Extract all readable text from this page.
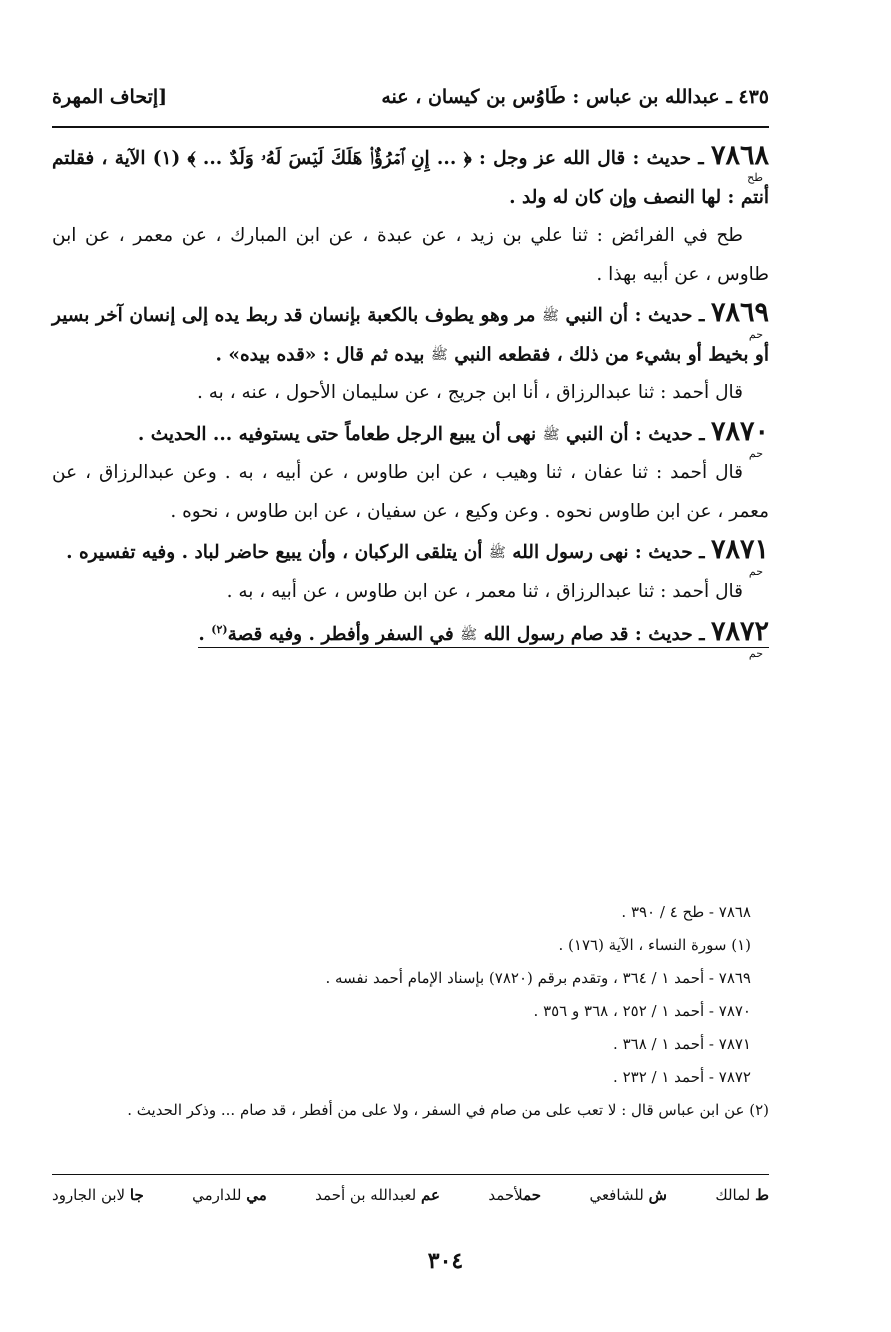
٤٣٥ ـ عبدالله بن عباس : طَاوُس بن كيسان ، عنه
[إتحاف المهرة
٧٨٦٨
طح
ـ حديث : قال الله عز وجل : ﴿ ... إِنِ ٱمۡرُؤٌا۟ هَلَكَ لَيۡسَ لَهُۥ وَلَدٌ ... ﴾ (١) الآية ، فقلتم أنتم : لها النصف وإن كان له ولد .

طح في الفرائض : ثنا علي بن زيد ، عن عبدة ، عن ابن المبارك ، عن معمر ، عن ابن طاوس ، عن أبيه بهذا .

٧٨٦٩
حم
ـ حديث : أن النبي ﷺ مر وهو يطوف بالكعبة بإنسان قد ربط يده إلى إنسان آخر بسير أو بخيط أو بشيء من ذلك ، فقطعه النبي ﷺ بيده ثم قال : «قده بيده» .

قال أحمد : ثنا عبدالرزاق ، أنا ابن جريج ، عن سليمان الأحول ، عنه ، به .

٧٨٧٠
حم
ـ حديث : أن النبي ﷺ نهى أن يبيع الرجل طعاماً حتى يستوفيه ... الحديث .

قال أحمد : ثنا عفان ، ثنا وهيب ، عن ابن طاوس ، عن أبيه ، به . وعن عبدالرزاق ، عن معمر ، عن ابن طاوس نحوه . وعن وكيع ، عن سفيان ، عن ابن طاوس ، نحوه .

٧٨٧١
حم
ـ حديث : نهى رسول الله ﷺ أن يتلقى الركبان ، وأن يبيع حاضر لباد . وفيه تفسيره .

قال أحمد : ثنا عبدالرزاق ، ثنا معمر ، عن ابن طاوس ، عن أبيه ، به .

٧٨٧٢
حم
ـ حديث : قد صام رسول الله ﷺ في السفر وأفطر . وفيه قصة$^{(٢)}$ .
٧٨٦٨ - طح ٤ / ٣٩٠ .
(١) سورة النساء ، الآية (١٧٦) .
٧٨٦٩ - أحمد ١ / ٣٦٤ ، وتقدم برقم (٧٨٢٠) بإسناد الإمام أحمد نفسه .
٧٨٧٠ - أحمد ١ / ٢٥٢ ، ٣٦٨ و ٣٥٦ .
٧٨٧١ - أحمد ١ / ٣٦٨ .
٧٨٧٢ - أحمد ١ / ٢٣٢ .
(٢) عن ابن عباس قال : لا تعب على من صام في السفر ، ولا على من أفطر ، قد صام ... وذكر الحديث .
ط لمالك
ش للشافعي
حملأحمد
عم لعبدالله بن أحمد
مي للدارمي
جا لابن الجارود
٣٠٤
